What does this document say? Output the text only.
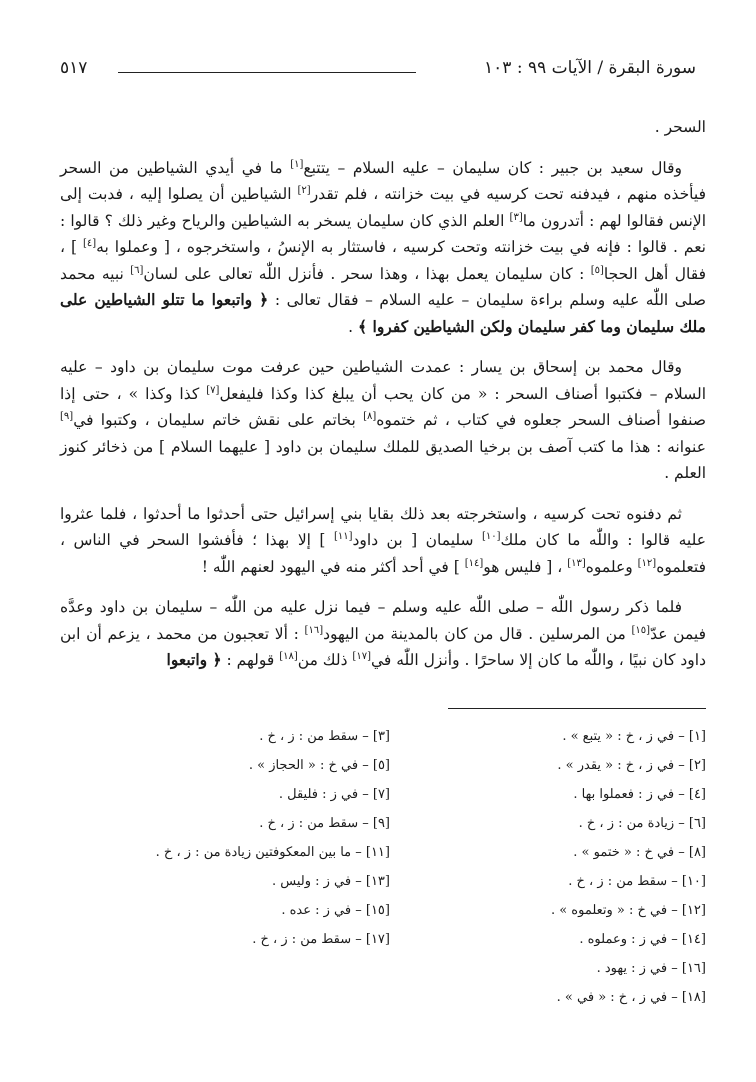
سورة البقرة / الآيات ٩٩ : ١٠٣
٥١٧

السحر .

وقال سعيد بن جبير : كان سليمان – عليه السلام – يتتبع[١] ما في أيدي الشياطين من السحر فيأخذه منهم ، فيدفنه تحت كرسيه في بيت خزانته ، فلم تقدر[٢] الشياطين أن يصلوا إليه ، فدبت إلى الإنس فقالوا لهم : أتدرون ما[٣] العلم الذي كان سليمان يسخر به الشياطين والرياح وغير ذلك ؟ قالوا : نعم . قالوا : فإنه في بيت خزانته وتحت كرسيه ، فاستثار به الإنسُ ، واستخرجوه ، [ وعملوا به[٤] ] ، فقال أهل الحجا[٥] : كان سليمان يعمل بهذا ، وهذا سحر . فأنزل اللّٰه تعالى على لسان[٦] نبيه محمد صلى اللّٰه عليه وسلم براءة سليمان – عليه السلام – فقال تعالى : ﴿ واتبعوا ما تتلو الشياطين على ملك سليمان وما كفر سليمان ولكن الشياطين كفروا ﴾ .

وقال محمد بن إسحاق بن يسار : عمدت الشياطين حين عرفت موت سليمان بن داود – عليه السلام – فكتبوا أصناف السحر : « من كان يحب أن يبلغ كذا وكذا فليفعل[٧] كذا وكذا » ، حتى إذا صنفوا أصناف السحر جعلوه في كتاب ، ثم ختموه[٨] بخاتم على نقش خاتم سليمان ، وكتبوا في[٩] عنوانه : هذا ما كتب آصف بن برخيا الصديق للملك سليمان بن داود [ عليهما السلام ] من ذخائر كنوز العلم .

ثم دفنوه تحت كرسيه ، واستخرجته بعد ذلك بقايا بني إسرائيل حتى أحدثوا ما أحدثوا ، فلما عثروا عليه قالوا : واللّٰه ما كان ملك[١٠] سليمان [ بن داود[١١] ] إلا بهذا ؛ فأفشوا السحر في الناس ، فتعلموه[١٢] وعلموه[١٣] ، [ فليس هو[١٤] ] في أحد أكثر منه في اليهود لعنهم اللّٰه !

فلما ذكر رسول اللّٰه – صلى اللّٰه عليه وسلم – فيما نزل عليه من اللّٰه – سليمان بن داود وعدَّه فيمن عدّ[١٥] من المرسلين . قال من كان بالمدينة من اليهود[١٦] : ألا تعجبون من محمد ، يزعم أن ابن داود كان نبيًا ، واللّٰه ما كان إلا ساحرًا . وأنزل اللّٰه في[١٧] ذلك من[١٨] قولهم : ﴿ واتبعوا

[١] – في ز ، خ : « يتبع » .
[٢] – في ز ، خ : « يقدر » .
[٤] – في ز : فعملوا بها .
[٦] – زيادة من : ز ، خ .
[٨] – في خ : « ختمو » .
[١٠] – سقط من : ز ، خ .
[١٢] – في خ : « وتعلموه » .
[١٤] – في ز : وعملوه .
[١٦] – في ز : يهود .
[١٨] – في ز ، خ : « في » .
[٣] – سقط من : ز ، خ .
[٥] – في خ : « الحجاز » .
[٧] – في ز : فليقل .
[٩] – سقط من : ز ، خ .
[١١] – ما بين المعكوفتين زيادة من : ز ، خ .
[١٣] – في ز : وليس .
[١٥] – في ز : عده .
[١٧] – سقط من : ز ، خ .
